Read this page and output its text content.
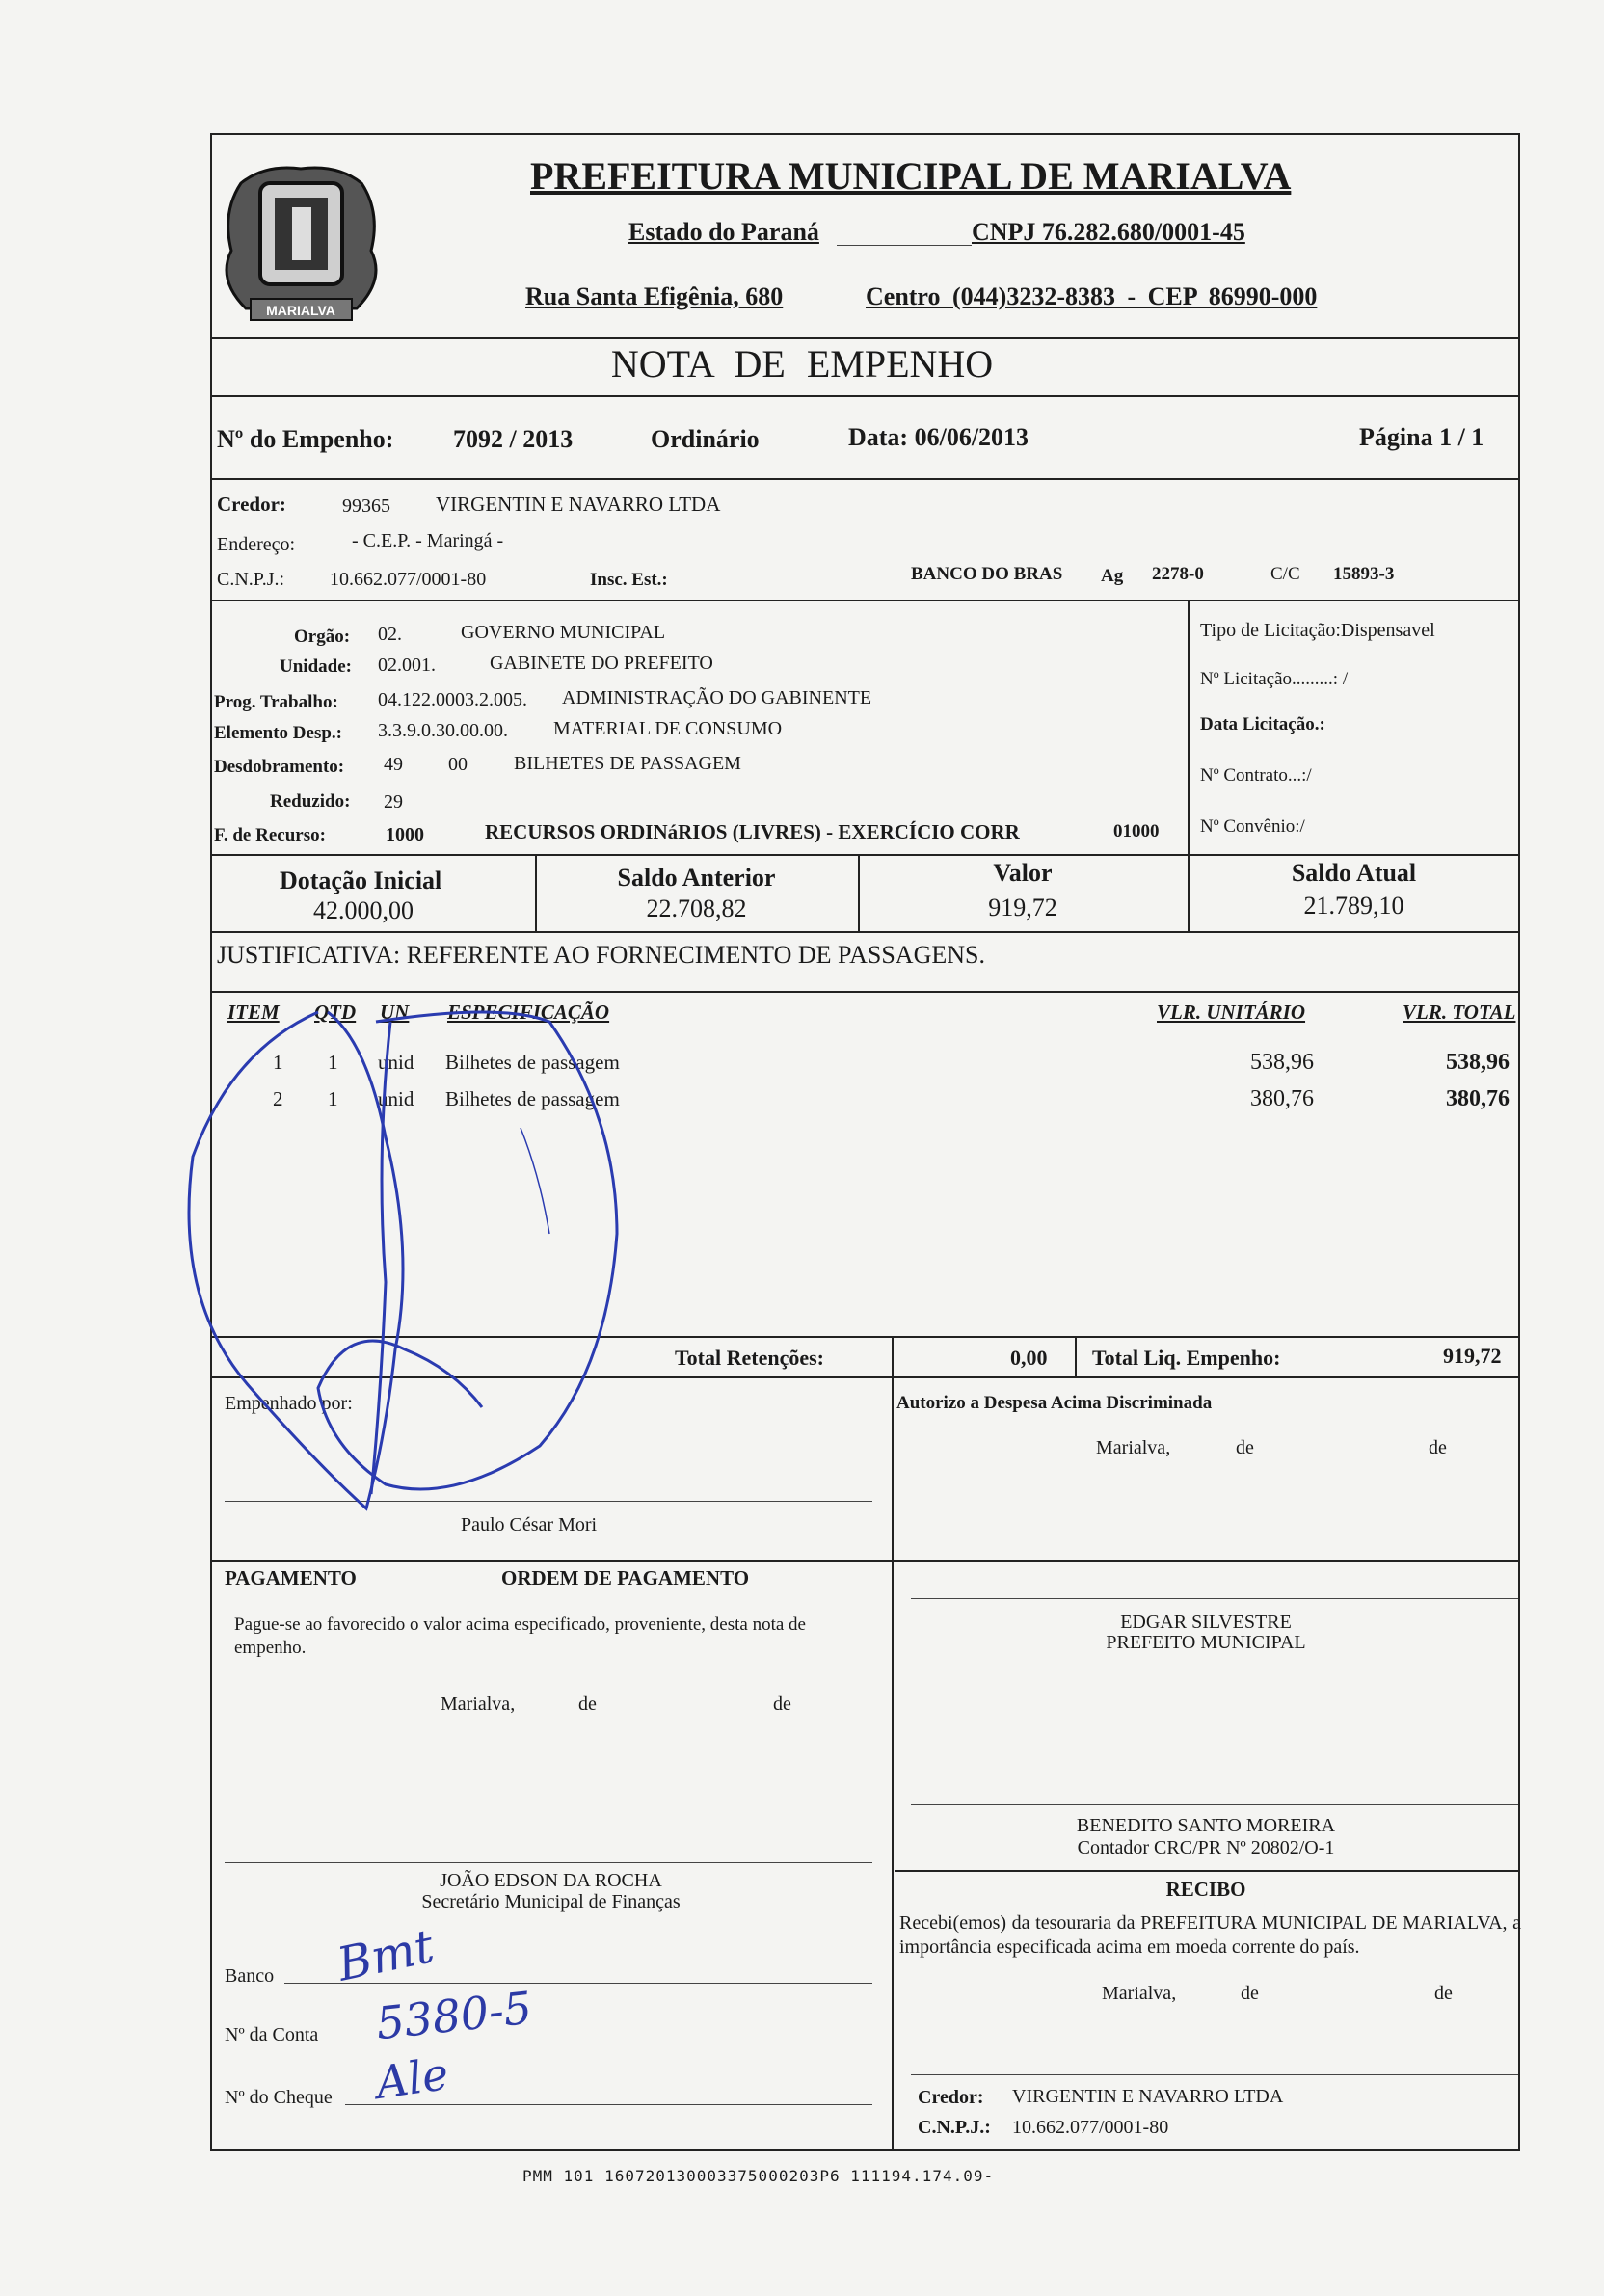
MARIALVA
PREFEITURA MUNICIPAL DE MARIALVA
Estado do Paraná	CNPJ 76.282.680/0001-45
Rua Santa Efigênia, 680	Centro (044)3232-8383 - CEP 86990-000
NOTA DE EMPENHO
Nº do Empenho: 7092 / 2013	Ordinário	Data: 06/06/2013	Página 1 / 1
Credor:	99365 VIRGENTIN E NAVARRO LTDA
Endereço:	- C.E.P. - Maringá -
C.N.P.J.: 10.662.077/0001-80	Insc. Est.:	BANCO DO BRAS Ag 2278-0	C/C 15893-3
Orgão: 02.	GOVERNO MUNICIPAL
Unidade: 02.001.	GABINETE DO PREFEITO
Prog. Trabalho: 04.122.0003.2.005. ADMINISTRAÇÃO DO GABINENTE
Elemento Desp.: 3.3.9.0.30.00.00. MATERIAL DE CONSUMO
Desdobramento: 49 00 BILHETES DE PASSAGEM
Reduzido: 29
F. de Recurso:	1000	RECURSOS ORDINáRIOS (LIVRES) - EXERCÍCIO CORR	01000
Tipo de Licitação:Dispensavel
Nº Licitação.........: /
Data Licitação.:
Nº Contrato...:/
Nº Convênio:/
Dotação Inicial
42.000,00
Saldo Anterior
22.708,82
Valor
919,72
Saldo Atual
21.789,10
JUSTIFICATIVA: REFERENTE AO FORNECIMENTO DE PASSAGENS.
ITEM QTD UN ESPECIFICAÇÃO	VLR. UNITÁRIO	VLR. TOTAL
1 1 unid Bilhetes de passagem	538,96	538,96
2 1 unid Bilhetes de passagem	380,76	380,76
Total Retenções:	0,00 Total Liq. Empenho:	919,72
Empenhado por:
Paulo César Mori
Autorizo a Despesa Acima Discriminada
Marialva,	de	de
EDGAR SILVESTRE
PREFEITO MUNICIPAL
PAGAMENTO	ORDEM DE PAGAMENTO
Pague-se ao favorecido o valor acima especificado, proveniente, desta nota de empenho.
Marialva,	de	de
BENEDITO SANTO MOREIRA
Contador CRC/PR Nº 20802/O-1
JOÃO EDSON DA ROCHA
Secretário Municipal de Finanças
RECIBO
Recebi(emos) da tesouraria da PREFEITURA MUNICIPAL DE MARIALVA, a importância especificada acima em moeda corrente do país.
Marialva,	de	de
Credor: VIRGENTIN E NAVARRO LTDA
C.N.P.J.: 10.662.077/0001-80
Banco Bmt
Nº da Conta 5380-5
Nº do Cheque Ale
PMM 101 160720130003375000203P6 111194.174.09-
